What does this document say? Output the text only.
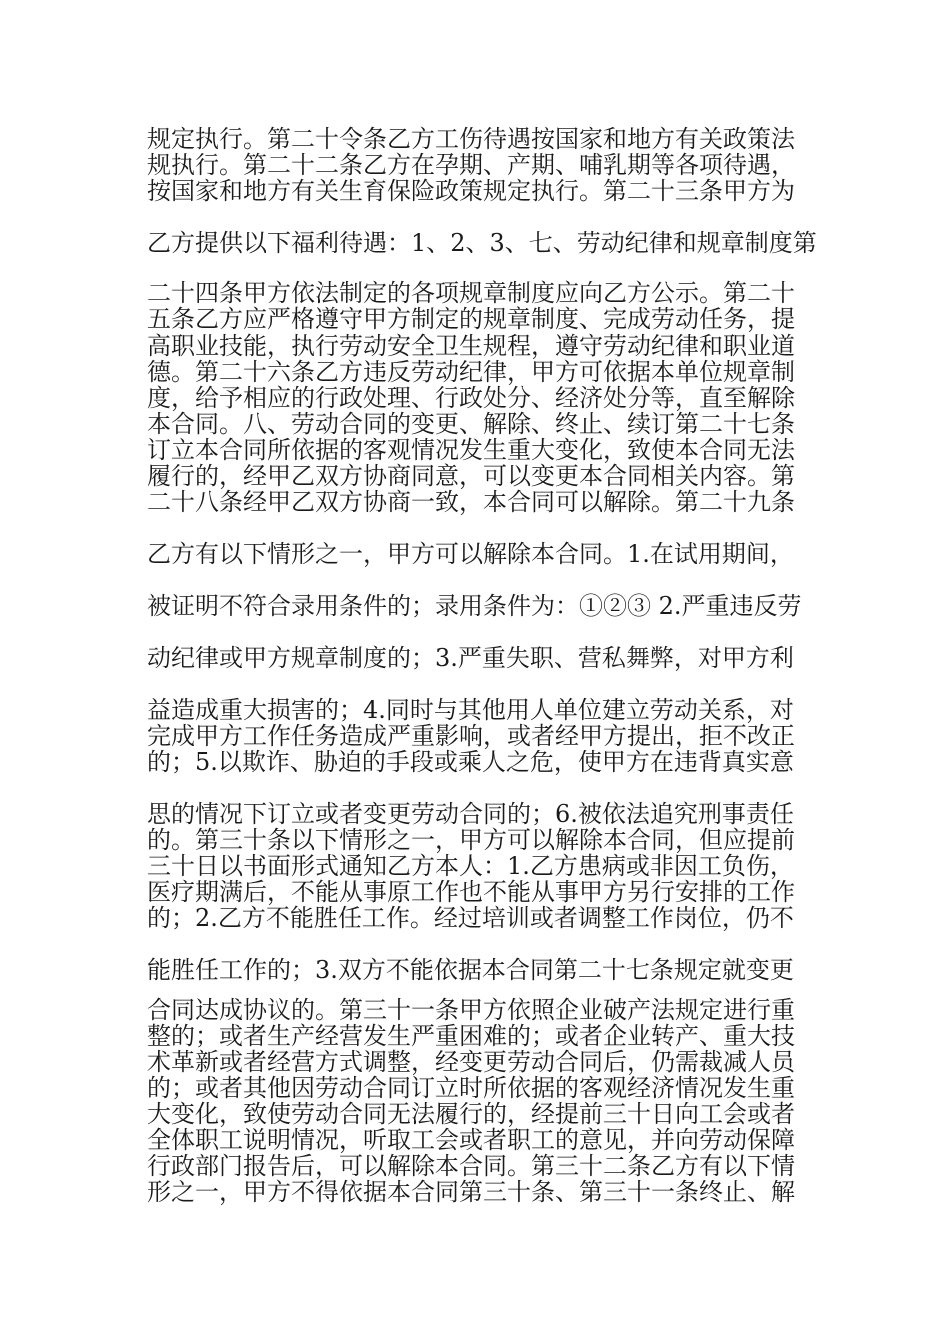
规定执行。第二十令条乙方工伤待遇按国家和地方有关政策法
规执行。第二十二条乙方在孕期、产期、哺乳期等各项待遇，
按国家和地方有关生育保险政策规定执行。第二十三条甲方为
乙方提供以下福利待遇：1、2、3、七、劳动纪律和规章制度第
二十四条甲方依法制定的各项规章制度应向乙方公示。第二十
五条乙方应严格遵守甲方制定的规章制度、完成劳动任务，提
高职业技能，执行劳动安全卫生规程，遵守劳动纪律和职业道
德。第二十六条乙方违反劳动纪律，甲方可依据本单位规章制
度，给予相应的行政处理、行政处分、经济处分等，直至解除
本合同。八、劳动合同的变更、解除、终止、续订第二十七条
订立本合同所依据的客观情况发生重大变化，致使本合同无法
履行的，经甲乙双方协商同意，可以变更本合同相关内容。第
二十八条经甲乙双方协商一致，本合同可以解除。第二十九条
乙方有以下情形之一，甲方可以解除本合同。1.在试用期间，
被证明不符合录用条件的；录用条件为：①②③ 2.严重违反劳
动纪律或甲方规章制度的；3.严重失职、营私舞弊，对甲方利
益造成重大损害的；4.同时与其他用人单位建立劳动关系，对
完成甲方工作任务造成严重影响，或者经甲方提出，拒不改正
的；5.以欺诈、胁迫的手段或乘人之危，使甲方在违背真实意
思的情况下订立或者变更劳动合同的；6.被依法追究刑事责任
的。第三十条以下情形之一，甲方可以解除本合同，但应提前
三十日以书面形式通知乙方本人：1.乙方患病或非因工负伤，
医疗期满后，不能从事原工作也不能从事甲方另行安排的工作
的；2.乙方不能胜任工作。经过培训或者调整工作岗位，仍不
能胜任工作的；3.双方不能依据本合同第二十七条规定就变更
合同达成协议的。第三十一条甲方依照企业破产法规定进行重
整的；或者生产经营发生严重困难的；或者企业转产、重大技
术革新或者经营方式调整，经变更劳动合同后，仍需裁减人员
的；或者其他因劳动合同订立时所依据的客观经济情况发生重
大变化，致使劳动合同无法履行的，经提前三十日向工会或者
全体职工说明情况，听取工会或者职工的意见，并向劳动保障
行政部门报告后，可以解除本合同。第三十二条乙方有以下情
形之一，甲方不得依据本合同第三十条、第三十一条终止、解
